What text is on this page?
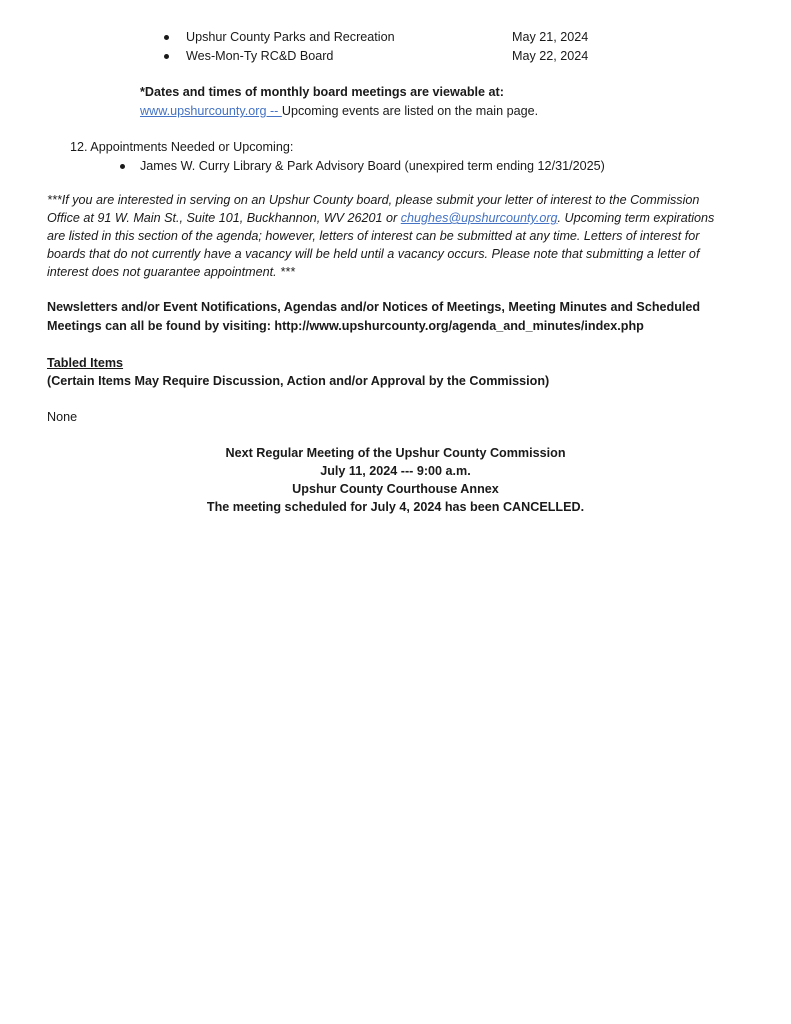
Upshur County Parks and Recreation	May 21, 2024
Wes-Mon-Ty RC&D Board	May 22, 2024
*Dates and times of monthly board meetings are viewable at:
www.upshurcounty.org -- Upcoming events are listed on the main page.
12. Appointments Needed or Upcoming:
James W. Curry Library & Park Advisory Board (unexpired term ending 12/31/2025)
***If you are interested in serving on an Upshur County board, please submit your letter of interest to the Commission
Office at 91 W. Main St., Suite 101, Buckhannon, WV 26201 or chughes@upshurcounty.org. Upcoming term expirations
are listed in this section of the agenda; however, letters of interest can be submitted at any time. Letters of interest for
boards that do not currently have a vacancy will be held until a vacancy occurs. Please note that submitting a letter of
interest does not guarantee appointment. ***
Newsletters and/or Event Notifications, Agendas and/or Notices of Meetings, Meeting Minutes and Scheduled
Meetings can all be found by visiting: http://www.upshurcounty.org/agenda_and_minutes/index.php
Tabled Items
(Certain Items May Require Discussion, Action and/or Approval by the Commission)
None
Next Regular Meeting of the Upshur County Commission
July 11, 2024 --- 9:00 a.m.
Upshur County Courthouse Annex
The meeting scheduled for July 4, 2024 has been CANCELLED.
